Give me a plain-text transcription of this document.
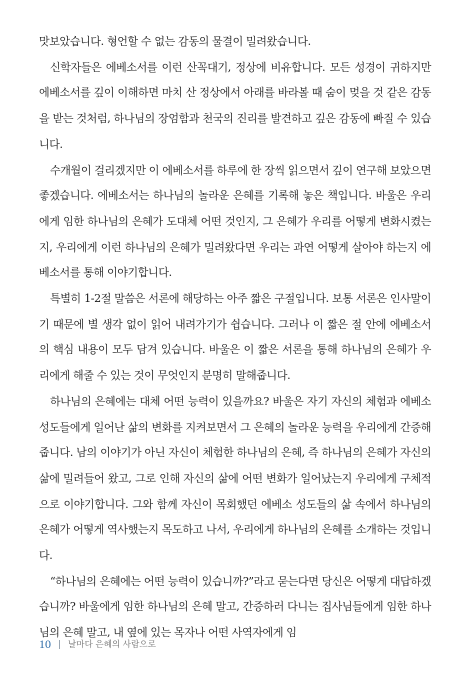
맛보았습니다. 형언할 수 없는 감동의 물결이 밀려왔습니다.

신학자들은 에베소서를 이런 산꼭대기, 정상에 비유합니다. 모든 성경이 귀하지만 에베소서를 깊이 이해하면 마치 산 정상에서 아래를 바라볼 때 숨이 멎을 것 같은 감동을 받는 것처럼, 하나님의 장엄함과 천국의 진리를 발견하고 깊은 감동에 빠질 수 있습니다.

수개월이 걸리겠지만 이 에베소서를 하루에 한 장씩 읽으면서 깊이 연구해 보았으면 좋겠습니다. 에베소서는 하나님의 놀라운 은혜를 기록해 놓은 책입니다. 바울은 우리에게 임한 하나님의 은혜가 도대체 어떤 것인지, 그 은혜가 우리를 어떻게 변화시켰는지, 우리에게 이런 하나님의 은혜가 밀려왔다면 우리는 과연 어떻게 살아야 하는지 에베소서를 통해 이야기합니다.

특별히 1-2절 말씀은 서론에 해당하는 아주 짧은 구절입니다. 보통 서론은 인사말이기 때문에 별 생각 없이 읽어 내려가기가 쉽습니다. 그러나 이 짧은 절 안에 에베소서의 핵심 내용이 모두 담겨 있습니다. 바울은 이 짧은 서론을 통해 하나님의 은혜가 우리에게 해줄 수 있는 것이 무엇인지 분명히 말해줍니다.

하나님의 은혜에는 대체 어떤 능력이 있을까요? 바울은 자기 자신의 체험과 에베소 성도들에게 일어난 삶의 변화를 지켜보면서 그 은혜의 놀라운 능력을 우리에게 간증해줍니다. 남의 이야기가 아닌 자신이 체험한 하나님의 은혜, 즉 하나님의 은혜가 자신의 삶에 밀려들어 왔고, 그로 인해 자신의 삶에 어떤 변화가 일어났는지 우리에게 구체적으로 이야기합니다. 그와 함께 자신이 목회했던 에베소 성도들의 삶 속에서 하나님의 은혜가 어떻게 역사했는지 목도하고 나서, 우리에게 하나님의 은혜를 소개하는 것입니다.

“하나님의 은혜에는 어떤 능력이 있습니까?”라고 묻는다면 당신은 어떻게 대답하겠습니까? 바울에게 임한 하나님의 은혜 말고, 간증하러 다니는 집사님들에게 임한 하나님의 은혜 말고, 내 옆에 있는 목자나 어떤 사역자에게 임

10 날마다 은혜의 사람으로
